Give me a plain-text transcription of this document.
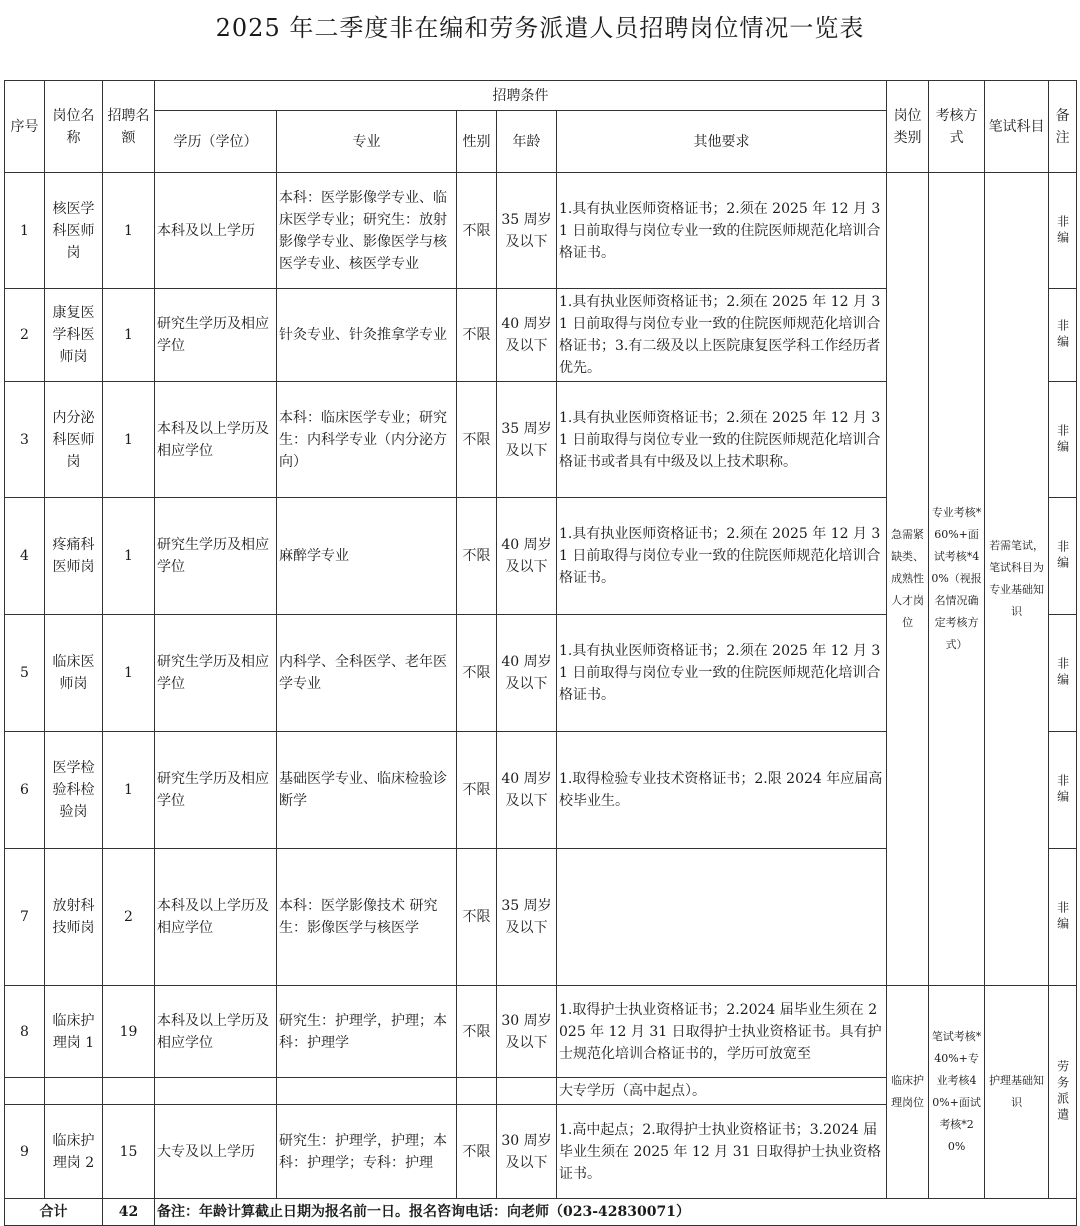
2025 年二季度非在编和劳务派遣人员招聘岗位情况一览表
序号	岗位名称	招聘名额	招聘条件					岗位类别	考核方式	笔试科目	备注
			学历（学位）	专业	性别	年龄	其他要求				
1	核医学科医师岗	1	本科及以上学历	本科：医学影像学专业、临床医学专业；研究生：放射影像学专业、影像医学与核医学专业、核医学专业	不限	35 周岁及以下	1.具有执业医师资格证书；2.须在 2025 年 12 月 31 日前取得与岗位专业一致的住院医师规范化培训合格证书。	急需紧缺类、成熟性人才岗位	专业考核*60%+面试考核*40%（视报名情况确定考核方式）	若需笔试，笔试科目为专业基础知识	非编

2	康复医学科医师岗	1	研究生学历及相应学位	针灸专业、针灸推拿学专业	不限	40 周岁及以下	1.具有执业医师资格证书；2.须在 2025 年 12 月 31 日前取得与岗位专业一致的住院医师规范化培训合格证书；3.有二级及以上医院康复医学科工作经历者优先。				非编

3	内分泌科医师岗	1	本科及以上学历及相应学位	本科：临床医学专业；研究生：内科学专业（内分泌方向）	不限	35 周岁及以下	1.具有执业医师资格证书；2.须在 2025 年 12 月 31 日前取得与岗位专业一致的住院医师规范化培训合格证书或者具有中级及以上技术职称。				非编

4	疼痛科医师岗	1	研究生学历及相应学位	麻醉学专业	不限	40 周岁及以下	1.具有执业医师资格证书；2.须在 2025 年 12 月 31 日前取得与岗位专业一致的住院医师规范化培训合格证书。				非编

5	临床医师岗	1	研究生学历及相应学位	内科学、全科医学、老年医学专业	不限	40 周岁及以下	1.具有执业医师资格证书；2.须在 2025 年 12 月 31 日前取得与岗位专业一致的住院医师规范化培训合格证书。				非编

6	医学检验科检验岗	1	研究生学历及相应学位	基础医学专业、临床检验诊断学	不限	40 周岁及以下	1.取得检验专业技术资格证书；2.限 2024 年应届高校毕业生。				非编

7	放射科技师岗	2	本科及以上学历及相应学位	本科：医学影像技术 研究生：影像医学与核医学	不限	35 周岁及以下					非编

8	临床护理岗 1	19	本科及以上学历及相应学位	研究生：护理学，护理；本科：护理学	不限	30 周岁及以下	1.取得护士执业资格证书；2.2024 届毕业生须在 2025 年 12 月 31 日取得护士执业资格证书。具有护士规范化培训合格证书的，学历可放宽至	临床护理岗位	笔试考核*40%+专业考核40%+面试考核*20%	护理基础知识	劳务派遣

							大专学历（高中起点）。				
9	临床护理岗 2	15	大专及以上学历	研究生：护理学，护理；本科：护理学；专科：护理	不限	30 周岁及以下	1.高中起点；2.取得护士执业资格证书；3.2024 届毕业生须在 2025 年 12 月 31 日取得护士执业资格证书。				
合计		42	备注：年龄计算截止日期为报名前一日。报名咨询电话：向老师（023-42830071）								
